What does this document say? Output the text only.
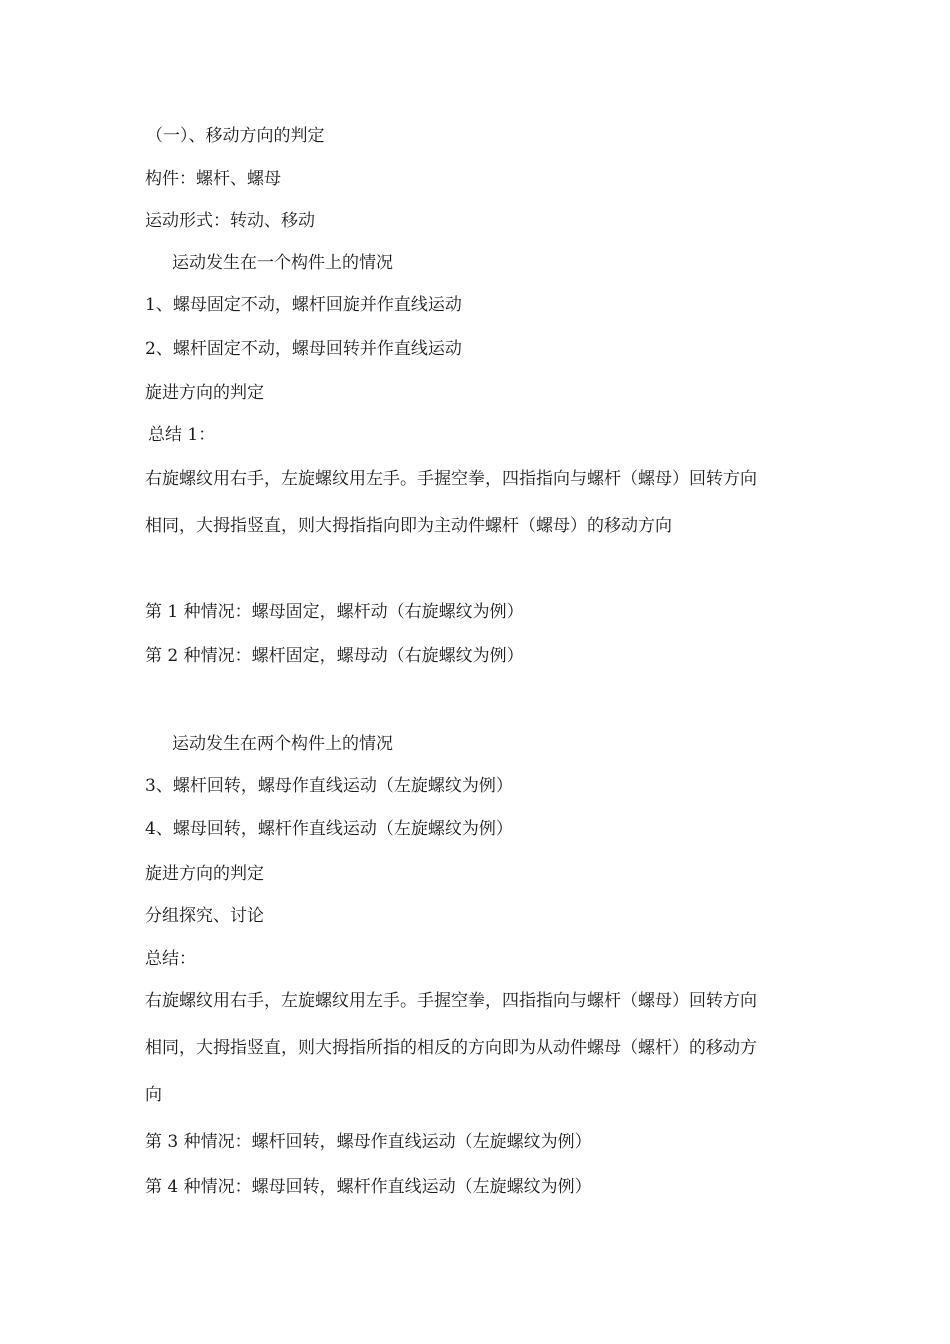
（一）、移动方向的判定
构件：螺杆、螺母
运动形式：转动、移动
运动发生在一个构件上的情况
1、螺母固定不动，螺杆回旋并作直线运动
2、螺杆固定不动，螺母回转并作直线运动
旋进方向的判定
总结 1：
右旋螺纹用右手，左旋螺纹用左手。手握空拳，四指指向与螺杆（螺母）回转方向
相同，大拇指竖直，则大拇指指向即为主动件螺杆（螺母）的移动方向
第 1 种情况：螺母固定，螺杆动（右旋螺纹为例）
第 2 种情况：螺杆固定，螺母动（右旋螺纹为例）
运动发生在两个构件上的情况
3、螺杆回转，螺母作直线运动（左旋螺纹为例）
4、螺母回转，螺杆作直线运动（左旋螺纹为例）
旋进方向的判定
分组探究、讨论
总结：
右旋螺纹用右手，左旋螺纹用左手。手握空拳，四指指向与螺杆（螺母）回转方向
相同，大拇指竖直，则大拇指所指的相反的方向即为从动件螺母（螺杆）的移动方
向
第 3 种情况：螺杆回转，螺母作直线运动（左旋螺纹为例）
第 4 种情况：螺母回转，螺杆作直线运动（左旋螺纹为例）
